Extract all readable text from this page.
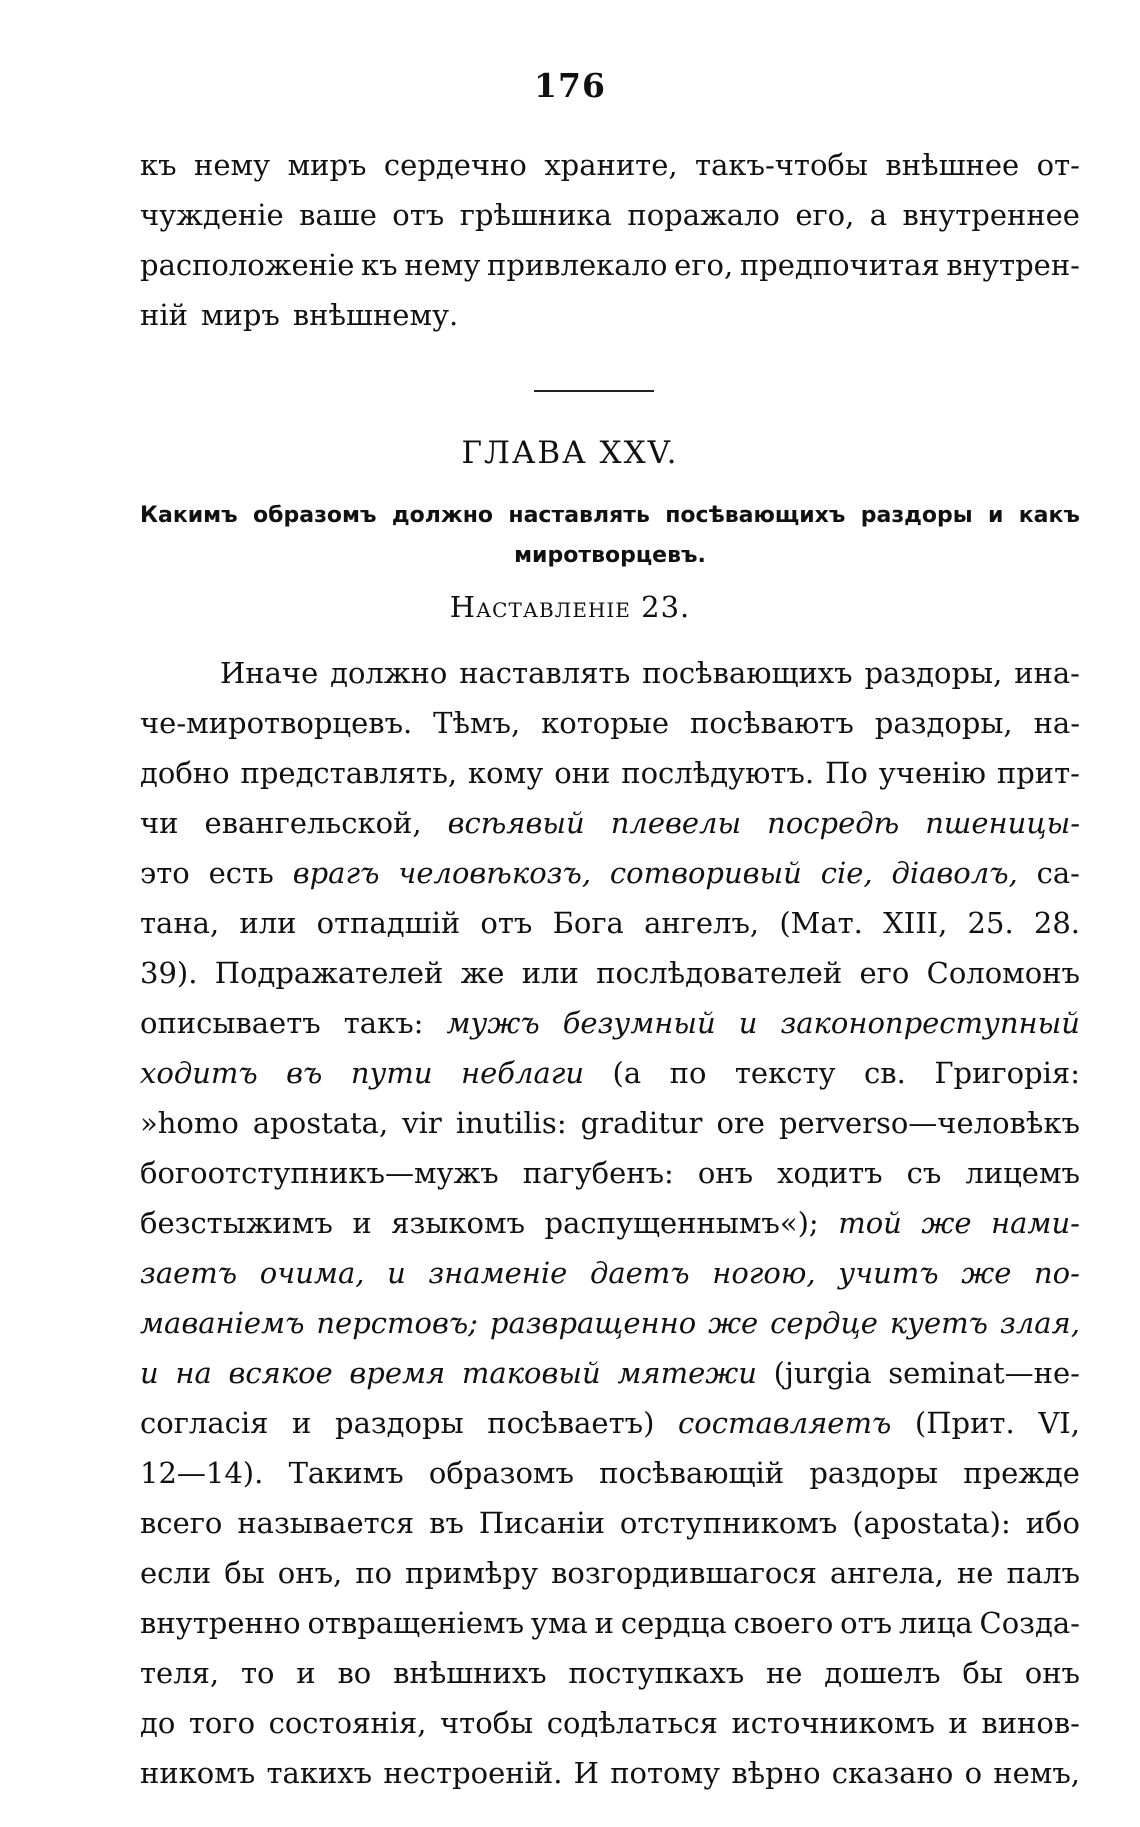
176
къ нему миръ сердечно храните, такъ-чтобы внѣшнее от-
чужденіе ваше отъ грѣшника поражало его, а внутреннее
расположеніе къ нему привлекало его, предпочитая внутрен-
ній миръ внѣшнему.
ГЛАВА XXV.
Какимъ образомъ должно наставлять посѣвающихъ раздоры и какъ
миротворцевъ.
Наставленіе 23.
Иначе должно наставлять посѣвающихъ раздоры, ина-
че-миротворцевъ. Тѣмъ, которые посѣваютъ раздоры, на-
добно представлять, кому они послѣдуютъ. По ученію прит-
чи евангельской, всѣявый плевелы посредѣ пшеницы-
это есть врагъ человѣкозъ, сотворивый сіе, діаволъ, са-
тана, или отпадшій отъ Бога ангелъ, (Мат. XIII, 25. 28.
39). Подражателей же или послѣдователей его Соломонъ
описываетъ такъ: мужъ безумный и законопреступный
ходитъ въ пути неблаги (а по тексту св. Григорія:
»homo apostata, vir inutilis: graditur ore perverso—человѣкъ
богоотступникъ—мужъ пагубенъ: онъ ходитъ съ лицемъ
безстыжимъ и языкомъ распущеннымъ«); той же нами-
заетъ очима, и знаменіе даетъ ногою, учитъ же по-
маваніемъ перстовъ; развращенно же сердце куетъ злая,
и на всякое время таковый мятежи (jurgia seminat—не-
согласія и раздоры посѣваетъ) составляетъ (Прит. VI,
12—14). Такимъ образомъ посѣвающій раздоры прежде
всего называется въ Писаніи отступникомъ (apostata): ибо
если бы онъ, по примѣру возгордившагося ангела, не палъ
внутренно отвращеніемъ ума и сердца своего отъ лица Созда-
теля, то и во внѣшнихъ поступкахъ не дошелъ бы онъ
до того состоянія, чтобы содѣлаться источникомъ и винов-
никомъ такихъ нестроеній. И потому вѣрно сказано о немъ,
